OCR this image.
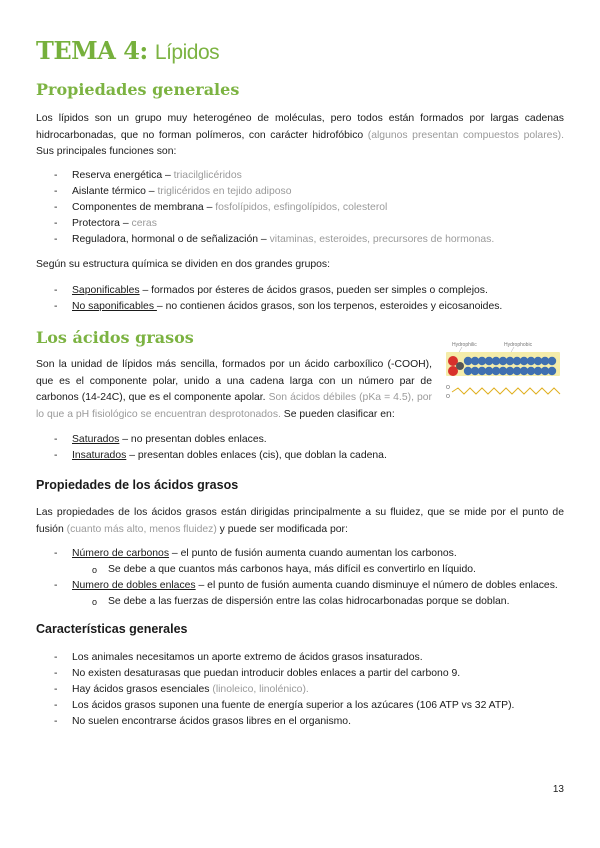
TEMA 4: Lípidos
Propiedades generales

Los lípidos son un grupo muy heterogéneo de moléculas, pero todos están formados por largas cadenas hidrocarbonadas, que no forman polímeros, con carácter hidrofóbico (algunos presentan compuestos polares). Sus principales funciones son:

- Reserva energética – triacilglicéridos
- Aislante térmico – triglicéridos en tejido adiposo
- Componentes de membrana – fosfolípidos, esfingolípidos, colesterol
- Protectora – ceras
- Reguladora, hormonal o de señalización – vitaminas, esteroides, precursores de hormonas.

Según su estructura química se dividen en dos grandes grupos:

- Saponificables – formados por ésteres de ácidos grasos, pueden ser simples o complejos.
- No saponificables – no contienen ácidos grasos, son los terpenos, esteroides y eicosanoides.
Los ácidos grasos

Son la unidad de lípidos más sencilla, formados por un ácido carboxílico (-COOH), que es el componente polar, unido a una cadena larga con un número par de carbonos (14-24C), que es el componente apolar. Son ácidos débiles (pKa = 4.5), por lo que a pH fisiológico se encuentran desprotonados. Se pueden clasificar en:

Hydrophilic	Hydrophobic
O
O
- Saturados – no presentan dobles enlaces.
- Insaturados – presentan dobles enlaces (cis), que doblan la cadena.
Propiedades de los ácidos grasos

Las propiedades de los ácidos grasos están dirigidas principalmente a su fluidez, que se mide por el punto de fusión (cuanto más alto, menos fluidez) y puede ser modificada por:

- Número de carbonos – el punto de fusión aumenta cuando aumentan los carbonos.
o Se debe a que cuantos más carbonos haya, más difícil es convertirlo en líquido.
- Numero de dobles enlaces – el punto de fusión aumenta cuando disminuye el número de dobles enlaces.
o Se debe a las fuerzas de dispersión entre las colas hidrocarbonadas porque se doblan.
Características generales
- Los animales necesitamos un aporte extremo de ácidos grasos insaturados.
- No existen desaturasas que puedan introducir dobles enlaces a partir del carbono 9.
- Hay ácidos grasos esenciales (linoleico, linolénico).
- Los ácidos grasos suponen una fuente de energía superior a los azúcares (106 ATP vs 32 ATP).
- No suelen encontrarse ácidos grasos libres en el organismo.
13
